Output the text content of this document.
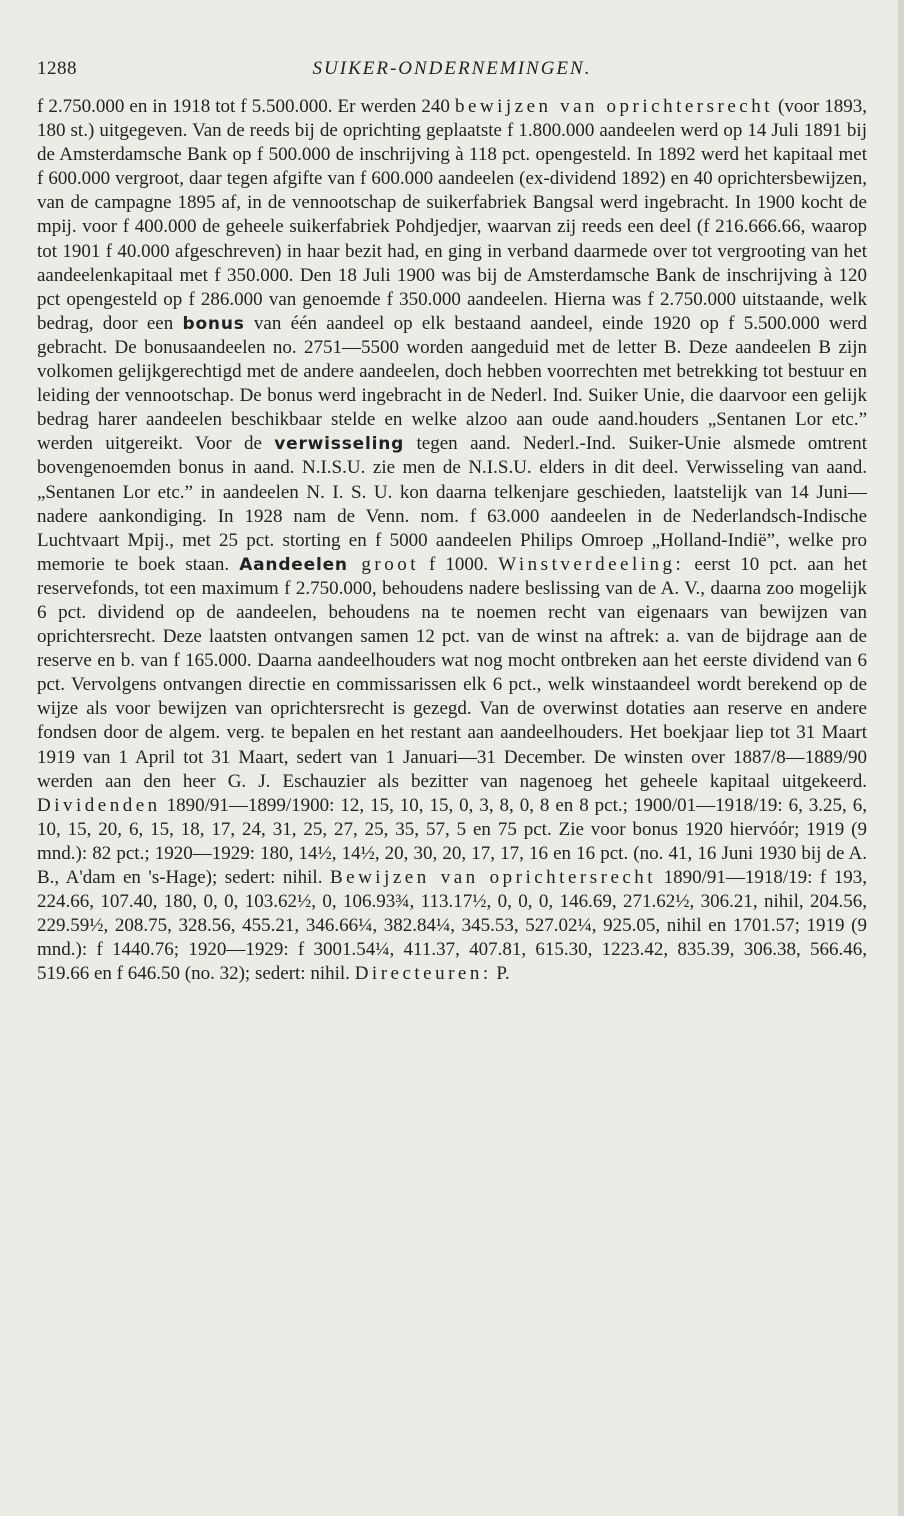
1288	SUIKER-ONDERNEMINGEN.
f 2.750.000 en in 1918 tot f 5.500.000. Er werden 240 bewijzen van oprichtersrecht (voor 1893, 180 st.) uitgegeven. Van de reeds bij de oprichting geplaatste f 1.800.000 aandeelen werd op 14 Juli 1891 bij de Amsterdamsche Bank op f 500.000 de inschrijving à 118 pct. opengesteld. In 1892 werd het kapitaal met f 600.000 vergroot, daar tegen afgifte van f 600.000 aandeelen (ex-dividend 1892) en 40 oprichtersbewijzen, van de campagne 1895 af, in de vennootschap de suikerfabriek Bangsal werd ingebracht. In 1900 kocht de mpij. voor f 400.000 de geheele suikerfabriek Pohdjedjer, waarvan zij reeds een deel (f 216.666.66, waarop tot 1901 f 40.000 afgeschreven) in haar bezit had, en ging in verband daarmede over tot vergrooting van het aandeelenkapitaal met f 350.000. Den 18 Juli 1900 was bij de Amsterdamsche Bank de inschrijving à 120 pct opengesteld op f 286.000 van genoemde f 350.000 aandeelen. Hierna was f 2.750.000 uitstaande, welk bedrag, door een bonus van één aandeel op elk bestaand aandeel, einde 1920 op f 5.500.000 werd gebracht. De bonusaandeelen no. 2751—5500 worden aangeduid met de letter B. Deze aandeelen B zijn volkomen gelijkgerechtigd met de andere aandeelen, doch hebben voorrechten met betrekking tot bestuur en leiding der vennootschap. De bonus werd ingebracht in de Nederl. Ind. Suiker Unie, die daarvoor een gelijk bedrag harer aandeelen beschikbaar stelde en welke alzoo aan oude aand.houders „Sentanen Lor etc.” werden uitgereikt. Voor de verwisseling tegen aand. Nederl.-Ind. Suiker-Unie alsmede omtrent bovengenoemden bonus in aand. N.I.S.U. zie men de N.I.S.U. elders in dit deel. Verwisseling van aand. „Sentanen Lor etc.” in aandeelen N. I. S. U. kon daarna telkenjare geschieden, laatstelijk van 14 Juni—nadere aankondiging. In 1928 nam de Venn. nom. f 63.000 aandeelen in de Nederlandsch-Indische Luchtvaart Mpij., met 25 pct. storting en f 5000 aandeelen Philips Omroep „Holland-Indië”, welke pro memorie te boek staan. Aandeelen groot f 1000. Winstverdeeling: eerst 10 pct. aan het reservefonds, tot een maximum f 2.750.000, behoudens nadere beslissing van de A. V., daarna zoo mogelijk 6 pct. dividend op de aandeelen, behoudens na te noemen recht van eigenaars van bewijzen van oprichtersrecht. Deze laatsten ontvangen samen 12 pct. van de winst na aftrek: a. van de bijdrage aan de reserve en b. van f 165.000. Daarna aandeelhouders wat nog mocht ontbreken aan het eerste dividend van 6 pct. Vervolgens ontvangen directie en commissarissen elk 6 pct., welk winstaandeel wordt berekend op de wijze als voor bewijzen van oprichtersrecht is gezegd. Van de overwinst dotaties aan reserve en andere fondsen door de algem. verg. te bepalen en het restant aan aandeelhouders. Het boekjaar liep tot 31 Maart 1919 van 1 April tot 31 Maart, sedert van 1 Januari—31 December. De winsten over 1887/8—1889/90 werden aan den heer G. J. Eschauzier als bezitter van nagenoeg het geheele kapitaal uitgekeerd. Dividenden 1890/91—1899/1900: 12, 15, 10, 15, 0, 3, 8, 0, 8 en 8 pct.; 1900/01—1918/19: 6, 3.25, 6, 10, 15, 20, 6, 15, 18, 17, 24, 31, 25, 27, 25, 35, 57, 5 en 75 pct. Zie voor bonus 1920 hiervóór; 1919 (9 mnd.): 82 pct.; 1920—1929: 180, 14½, 14½, 20, 30, 20, 17, 17, 16 en 16 pct. (no. 41, 16 Juni 1930 bij de A. B., A'dam en 's-Hage); sedert: nihil. Bewijzen van oprichtersrecht 1890/91—1918/19: f 193, 224.66, 107.40, 180, 0, 0, 103.62½, 0, 106.93¾, 113.17½, 0, 0, 0, 146.69, 271.62½, 306.21, nihil, 204.56, 229.59½, 208.75, 328.56, 455.21, 346.66¼, 382.84¼, 345.53, 527.02¼, 925.05, nihil en 1701.57; 1919 (9 mnd.): f 1440.76; 1920—1929: f 3001.54¼, 411.37, 407.81, 615.30, 1223.42, 835.39, 306.38, 566.46, 519.66 en f 646.50 (no. 32); sedert: nihil. Directeuren: P.
